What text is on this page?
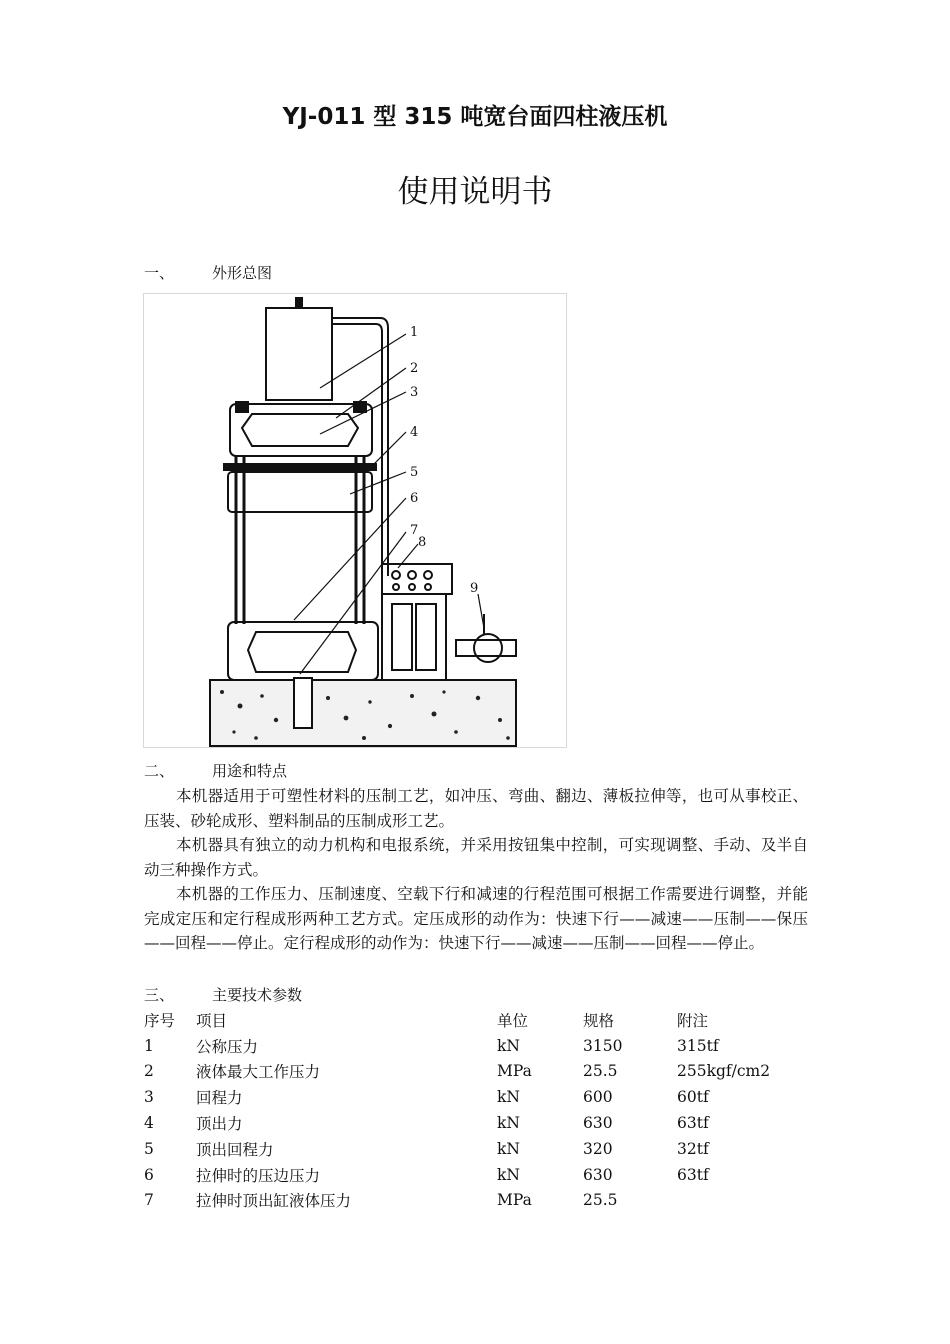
YJ-011 型 315 吨宽台面四柱液压机
使用说明书
一、	外形总图
1
2
3
4
5
6
7
8
9
二、	用途和特点

本机器适用于可塑性材料的压制工艺，如冲压、弯曲、翻边、薄板拉伸等，也可从事校正、压装、砂轮成形、塑料制品的压制成形工艺。

本机器具有独立的动力机构和电报系统，并采用按钮集中控制，可实现调整、手动、及半自动三种操作方式。

本机器的工作压力、压制速度、空载下行和减速的行程范围可根据工作需要进行调整，并能完成定压和定行程成形两种工艺方式。定压成形的动作为：快速下行——减速——压制——保压——回程——停止。定行程成形的动作为：快速下行——减速——压制——回程——停止。

三、	主要技术参数
序号	项目	单位	规格	附注
1	公称压力	kN	3150	315tf
2	液体最大工作压力	MPa	25.5	255kgf/cm2
3	回程力	kN	600	60tf
4	顶出力	kN	630	63tf
5	顶出回程力	kN	320	32tf
6	拉伸时的压边压力	kN	630	63tf
7	拉伸时顶出缸液体压力	MPa	25.5	
